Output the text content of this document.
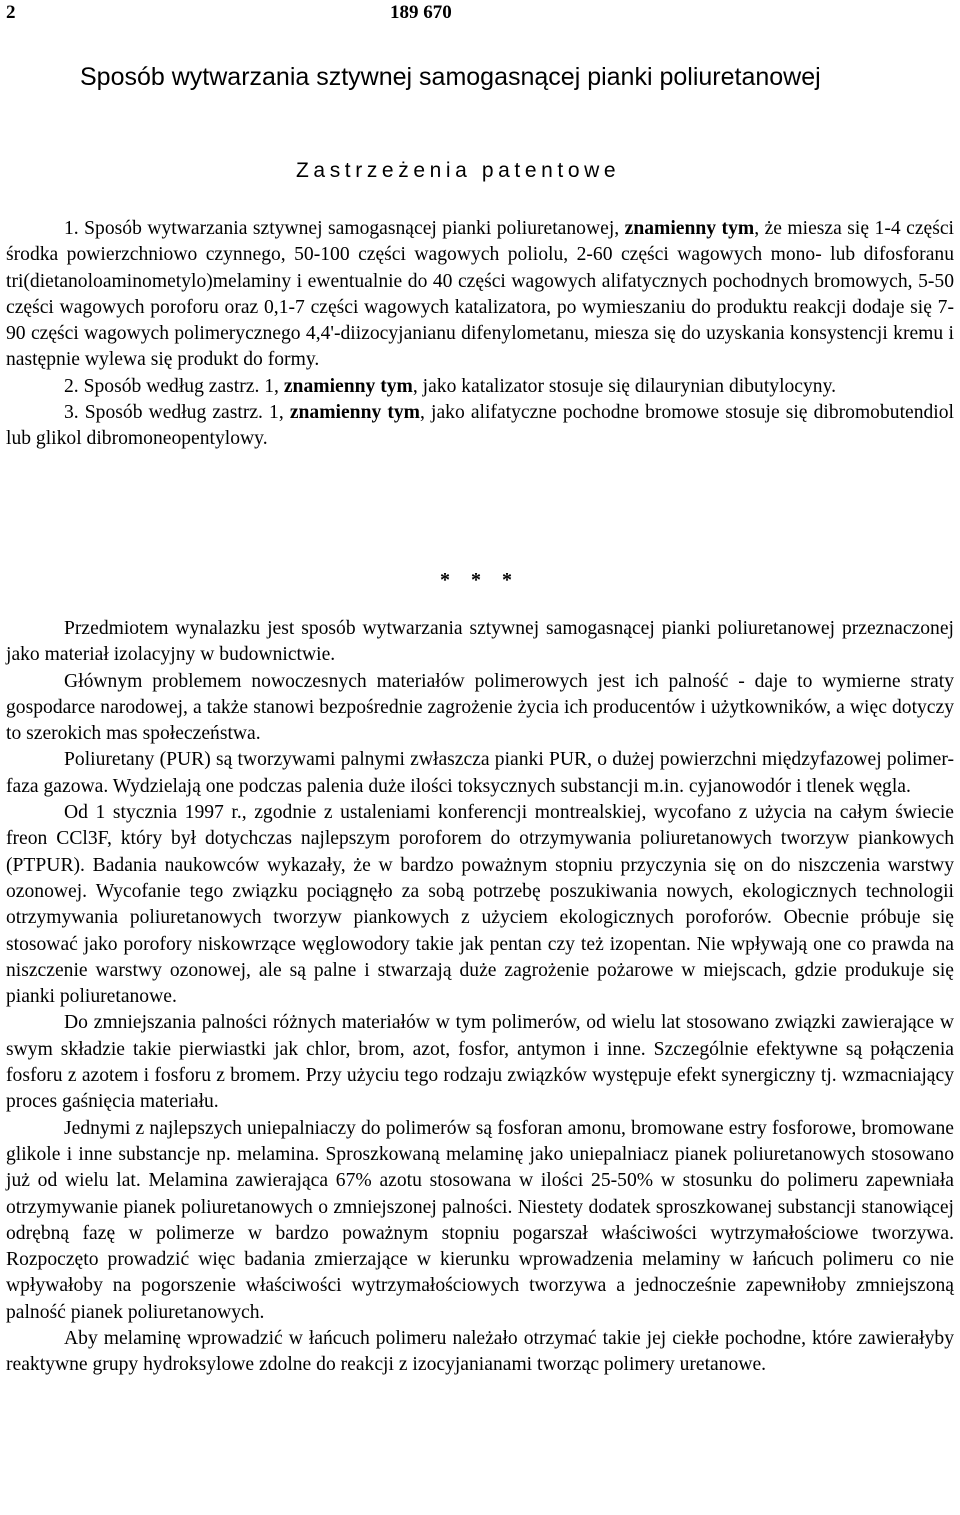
2	189 670
Sposób wytwarzania sztywnej samogasnącej pianki poliuretanowej
Zastrzeżenia patentowe

1. Sposób wytwarzania sztywnej samogasnącej pianki poliuretanowej, znamienny tym, że miesza się 1-4 części środka powierzchniowo czynnego, 50-100 części wagowych poliolu, 2-60 części wagowych mono- lub difosforanu tri(dietanoloaminometylo)melaminy i ewentualnie do 40 części wagowych alifatycznych pochodnych bromowych, 5-50 części wagowych poroforu oraz 0,1-7 części wagowych katalizatora, po wymieszaniu do produktu reakcji dodaje się 7-90 części wagowych polimerycznego 4,4'-diizocyjanianu difenylometanu, miesza się do uzyskania konsystencji kremu i następnie wylewa się produkt do formy.

2. Sposób według zastrz. 1, znamienny tym, jako katalizator stosuje się dilaurynian dibutylocyny.

3. Sposób według zastrz. 1, znamienny tym, jako alifatyczne pochodne bromowe stosuje się dibromobutendiol lub glikol dibromoneopentylowy.

* * *

Przedmiotem wynalazku jest sposób wytwarzania sztywnej samogasnącej pianki poliuretanowej przeznaczonej jako materiał izolacyjny w budownictwie.

Głównym problemem nowoczesnych materiałów polimerowych jest ich palność - daje to wymierne straty gospodarce narodowej, a także stanowi bezpośrednie zagrożenie życia ich producentów i użytkowników, a więc dotyczy to szerokich mas społeczeństwa.

Poliuretany (PUR) są tworzywami palnymi zwłaszcza pianki PUR, o dużej powierzchni międzyfazowej polimer-faza gazowa. Wydzielają one podczas palenia duże ilości toksycznych substancji m.in. cyjanowodór i tlenek węgla.

Od 1 stycznia 1997 r., zgodnie z ustaleniami konferencji montrealskiej, wycofano z użycia na całym świecie freon CCl3F, który był dotychczas najlepszym poroforem do otrzymywania poliuretanowych tworzyw piankowych (PTPUR). Badania naukowców wykazały, że w bardzo poważnym stopniu przyczynia się on do niszczenia warstwy ozonowej. Wycofanie tego związku pociągnęło za sobą potrzebę poszukiwania nowych, ekologicznych technologii otrzymywania poliuretanowych tworzyw piankowych z użyciem ekologicznych poroforów. Obecnie próbuje się stosować jako porofory niskowrzące węglowodory takie jak pentan czy też izopentan. Nie wpływają one co prawda na niszczenie warstwy ozonowej, ale są palne i stwarzają duże zagrożenie pożarowe w miejscach, gdzie produkuje się pianki poliuretanowe.

Do zmniejszania palności różnych materiałów w tym polimerów, od wielu lat stosowano związki zawierające w swym składzie takie pierwiastki jak chlor, brom, azot, fosfor, antymon i inne. Szczególnie efektywne są połączenia fosforu z azotem i fosforu z bromem. Przy użyciu tego rodzaju związków występuje efekt synergiczny tj. wzmacniający proces gaśnięcia materiału.

Jednymi z najlepszych uniepalniaczy do polimerów są fosforan amonu, bromowane estry fosforowe, bromowane glikole i inne substancje np. melamina. Sproszkowaną melaminę jako uniepalniacz pianek poliuretanowych stosowano już od wielu lat. Melamina zawierająca 67% azotu stosowana w ilości 25-50% w stosunku do polimeru zapewniała otrzymywanie pianek poliuretanowych o zmniejszonej palności. Niestety dodatek sproszkowanej substancji stanowiącej odrębną fazę w polimerze w bardzo poważnym stopniu pogarszał właściwości wytrzymałościowe tworzywa. Rozpoczęto prowadzić więc badania zmierzające w kierunku wprowadzenia melaminy w łańcuch polimeru co nie wpływałoby na pogorszenie właściwości wytrzymałościowych tworzywa a jednocześnie zapewniłoby zmniejszoną palność pianek poliuretanowych.

Aby melaminę wprowadzić w łańcuch polimeru należało otrzymać takie jej ciekłe pochodne, które zawierałyby reaktywne grupy hydroksylowe zdolne do reakcji z izocyjanianami tworząc polimery uretanowe.
